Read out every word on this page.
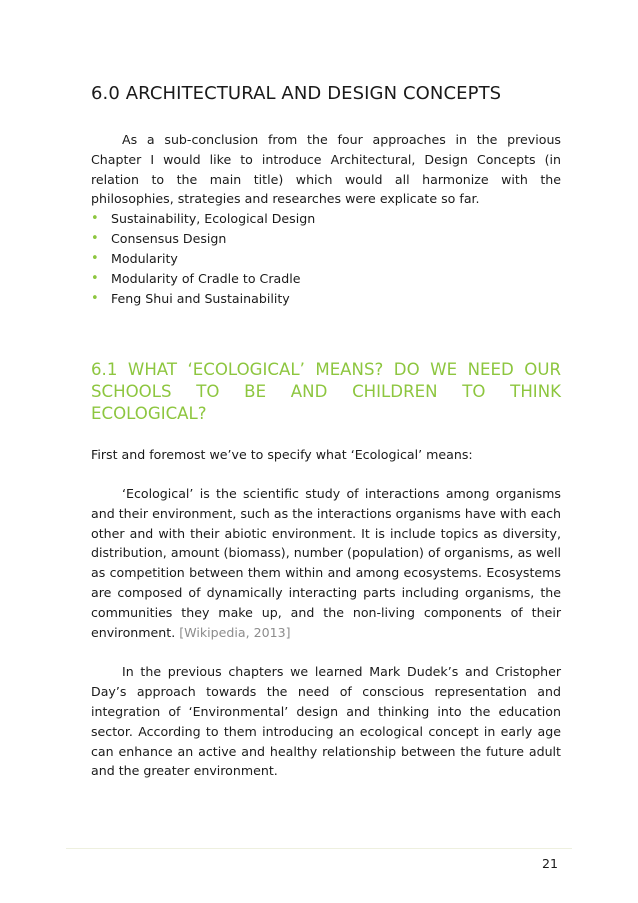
6.0 ARCHITECTURAL AND DESIGN CONCEPTS

As a sub-conclusion from the four approaches in the previous Chapter I would like to introduce Architectural, Design Concepts (in relation to the main title) which would all harmonize with the philosophies, strategies and researches were explicate so far.

• Sustainability, Ecological Design
• Consensus Design
• Modularity
• Modularity of Cradle to Cradle
• Feng Shui and Sustainability
6.1 WHAT ‘ECOLOGICAL’ MEANS? DO WE NEED OUR SCHOOLS TO BE AND CHILDREN TO THINK ECOLOGICAL?

First and foremost we’ve to specify what ‘Ecological’ means:

‘Ecological’ is the scientific study of interactions among organisms and their environment, such as the interactions organisms have with each other and with their abiotic environment. It is include topics as diversity, distribution, amount (biomass), number (population) of organisms, as well as competition between them within and among ecosystems. Ecosystems are composed of dynamically interacting parts including organisms, the communities they make up, and the non-living components of their environment. [Wikipedia, 2013]

In the previous chapters we learned Mark Dudek’s and Cristopher Day’s approach towards the need of conscious representation and integration of ‘Environmental’ design and thinking into the education sector. According to them introducing an ecological concept in early age can enhance an active and healthy relationship between the future adult and the greater environment.

21
